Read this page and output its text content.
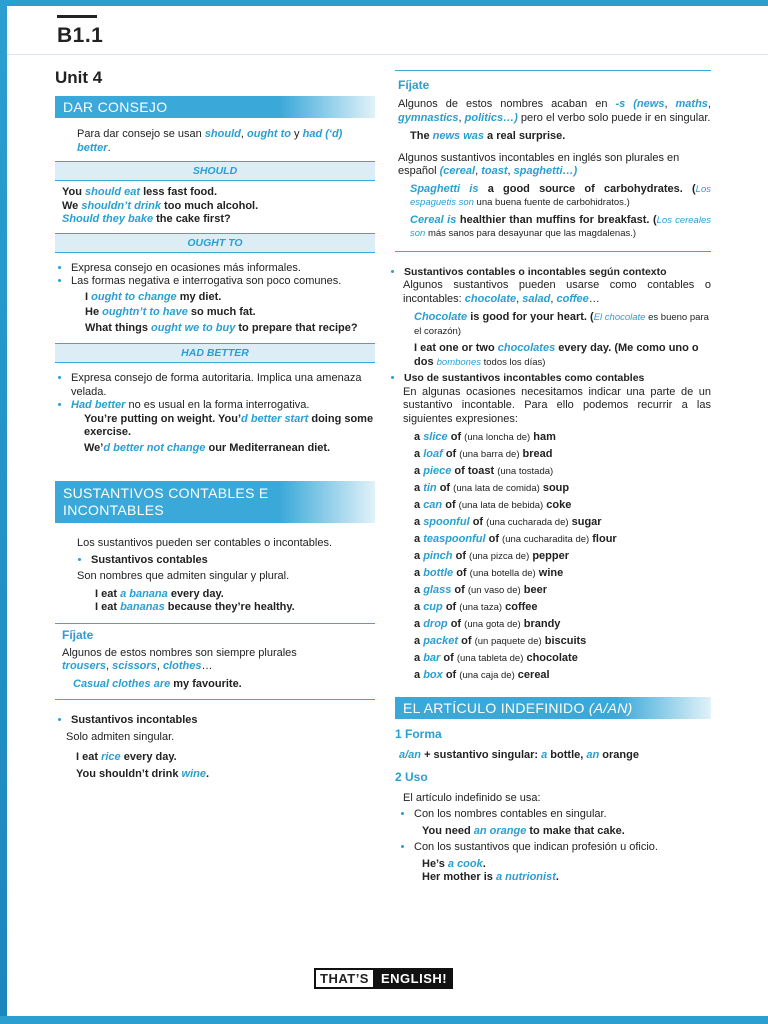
B1.1
Unit 4
DAR CONSEJO

Para dar consejo se usan should, ought to y had (‘d) better.

SHOULD

You should eat less fast food.

We shouldn’t drink too much alcohol.

Should they bake the cake first?

OUGHT TO
• Expresa consejo en ocasiones más informales.
• Las formas negativa e interrogativa son poco comunes.

I ought to change my diet.

He oughtn’t to have so much fat.

What things ought we to buy to prepare that recipe?

HAD BETTER
• Expresa consejo de forma autoritaria. Implica una amenaza velada.
• Had better no es usual en la forma interrogativa.

You’re putting on weight. You’d better start doing some exercise.

We’d better not change our Mediterranean diet.

SUSTANTIVOS CONTABLES E INCONTABLES

Los sustantivos pueden ser contables o incontables.

• Sustantivos contables

Son nombres que admiten singular y plural.

I eat a banana every day.

I eat bananas because they’re healthy.

Fíjate

Algunos de estos nombres son siempre plurales

trousers, scissors, clothes…

Casual clothes are my favourite.

• Sustantivos incontables

Solo admiten singular.

I eat rice every day.

You shouldn’t drink wine.

Fíjate

Algunos de estos nombres acaban en -s (news, maths, gymnastics, politics…) pero el verbo solo puede ir en singular.

The news was a real surprise.

Algunos sustantivos incontables en inglés son plurales en español (cereal, toast, spaghetti…)

Spaghetti is a good source of carbohydrates. (Los espaguetis son una buena fuente de carbohidratos.)

Cereal is healthier than muffins for breakfast. (Los cereales son más sanos para desayunar que las magdalenas.)

• Sustantivos contables o incontables según contexto

Algunos sustantivos pueden usarse como contables o incontables: chocolate, salad, coffee…

Chocolate is good for your heart. (El chocolate es bueno para el corazón)

I eat one or two chocolates every day. (Me como uno o dos bombones todos los días)

• Uso de sustantivos incontables como contables

En algunas ocasiones necesitamos indicar una parte de un sustantivo incontable. Para ello podemos recurrir a las siguientes expresiones:

a slice of (una loncha de) ham

a loaf of (una barra de) bread

a piece of toast (una tostada)

a tin of (una lata de comida) soup

a can of (una lata de bebida) coke

a spoonful of (una cucharada de) sugar

a teaspoonful of (una cucharadita de) flour

a pinch of (una pizca de) pepper

a bottle of (una botella de) wine

a glass of (un vaso de) beer

a cup of (una taza) coffee

a drop of (una gota de) brandy

a packet of (un paquete de) biscuits

a bar of (una tableta de) chocolate

a box of (una caja de) cereal

EL ARTÍCULO INDEFINIDO (A/AN)

1 Forma

a/an + sustantivo singular: a bottle, an orange

2 Uso

El artículo indefinido se usa:

• Con los nombres contables en singular.

You need an orange to make that cake.

• Con los sustantivos que indican profesión u oficio.

He’s a cook.

Her mother is a nutrionist.

THAT’S ENGLISH!
